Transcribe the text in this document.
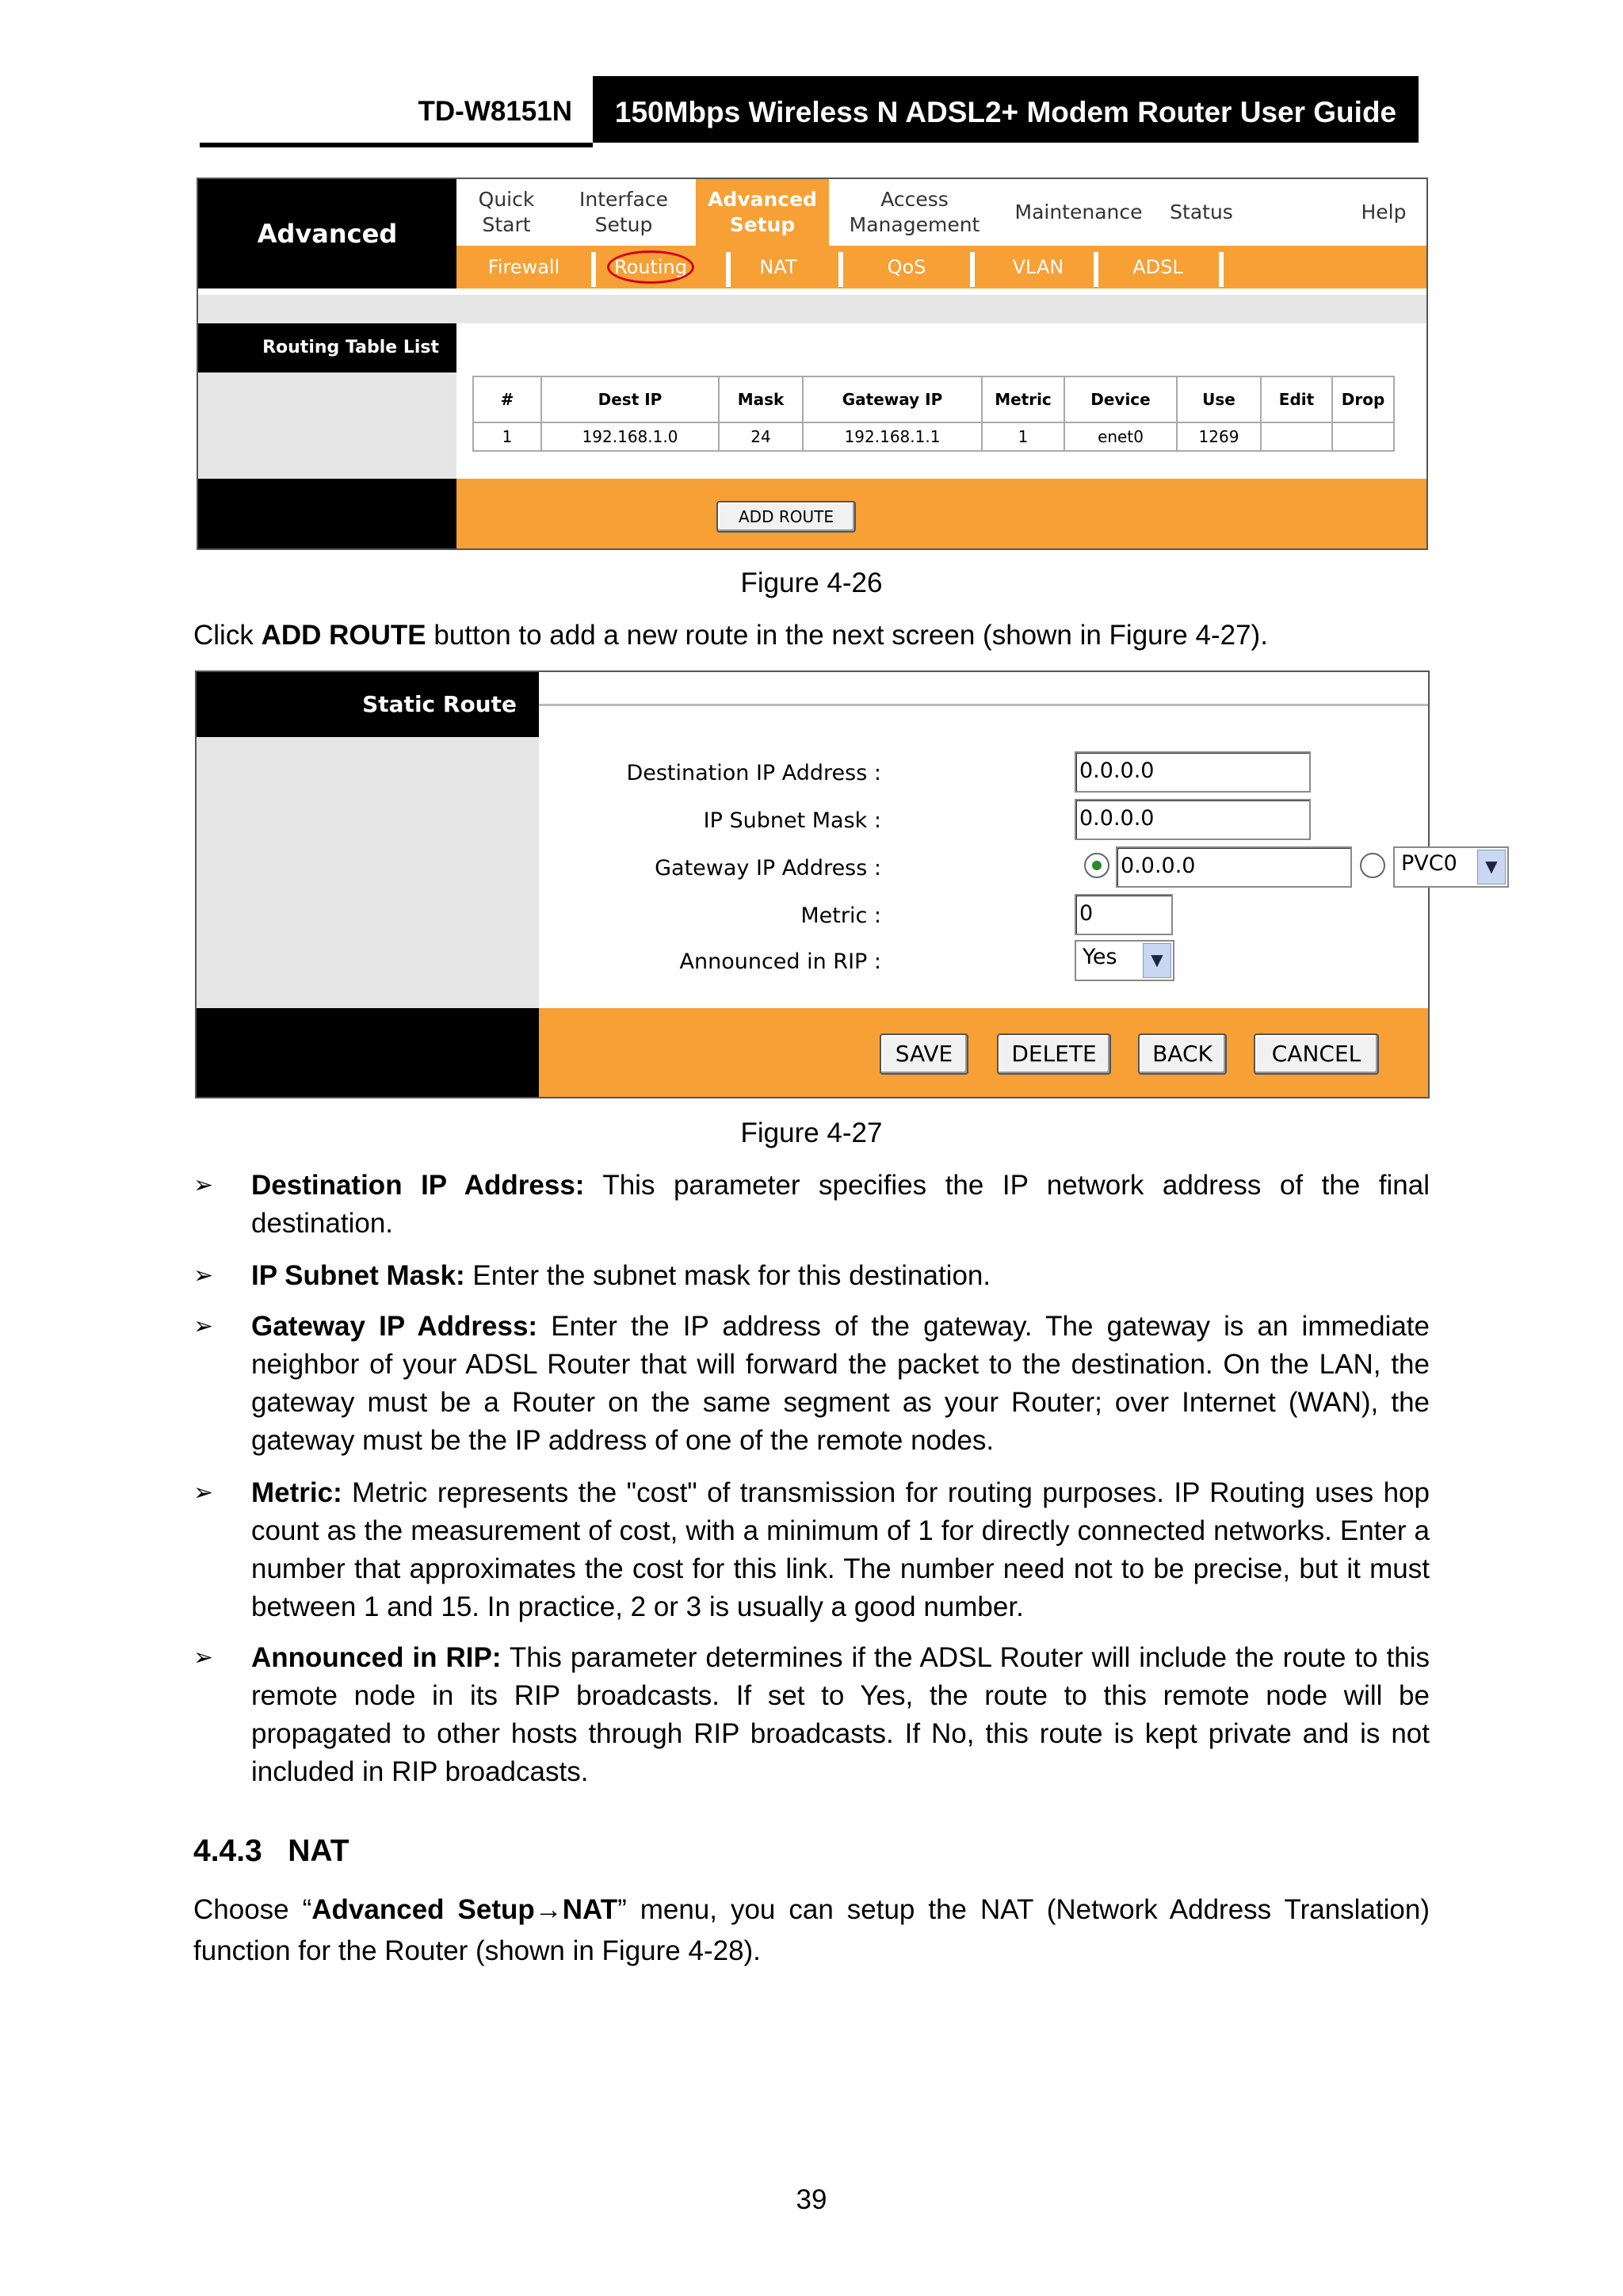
TD-W8151N	150Mbps Wireless N ADSL2+ Modem Router User Guide
Advanced
Quick
Start
Interface
Setup
Advanced
Setup
Access
Management
Maintenance	Status	Help
Firewall	Routing	NAT	QoS	VLAN	ADSL
Routing Table List
#	Dest IP	Mask	Gateway IP	Metric	Device	Use	Edit	Drop
1	192.168.1.0	24	192.168.1.1	1	enet0	1269		
ADD ROUTE
Figure 4-26
Click ADD ROUTE button to add a new route in the next screen (shown in Figure 4-27).
Static Route
Destination IP Address :	0.0.0.0
IP Subnet Mask :	0.0.0.0
Gateway IP Address :	0.0.0.0	PVC0	▼
Metric :	0
Announced in RIP :	Yes	▼
SAVE	DELETE	BACK	CANCEL
Figure 4-27
➢	Destination IP Address: This parameter specifies the IP network address of the final destination.
➢	IP Subnet Mask: Enter the subnet mask for this destination.
➢	Gateway IP Address: Enter the IP address of the gateway. The gateway is an immediate neighbor of your ADSL Router that will forward the packet to the destination. On the LAN, the gateway must be a Router on the same segment as your Router; over Internet (WAN), the gateway must be the IP address of one of the remote nodes.
➢	Metric: Metric represents the "cost" of transmission for routing purposes. IP Routing uses hop count as the measurement of cost, with a minimum of 1 for directly connected networks. Enter a number that approximates the cost for this link. The number need not to be precise, but it must between 1 and 15. In practice, 2 or 3 is usually a good number.
➢	Announced in RIP: This parameter determines if the ADSL Router will include the route to this remote node in its RIP broadcasts. If set to Yes, the route to this remote node will be propagated to other hosts through RIP broadcasts. If No, this route is kept private and is not included in RIP broadcasts.
4.4.3 NAT
Choose “Advanced Setup→NAT” menu, you can setup the NAT (Network Address Translation) function for the Router (shown in Figure 4-28).
39
